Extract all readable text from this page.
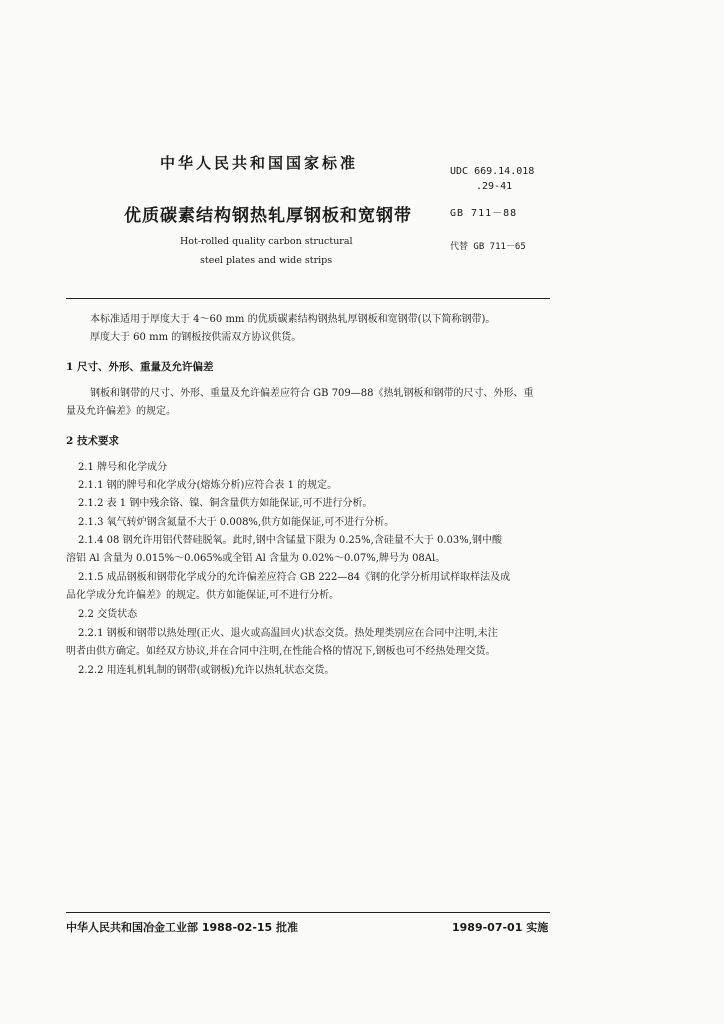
中华人民共和国国家标准	UDC 669.14.018
.29-41
优质碳素结构钢热轧厚钢板和宽钢带	GB 711－88
Hot-rolled quality carbon structural	代替 GB 711－65
steel plates and wide strips
本标准适用于厚度大于 4～60 mm 的优质碳素结构钢热轧厚钢板和宽钢带(以下简称钢带)。
厚度大于 60 mm 的钢板按供需双方协议供货。
1 尺寸、外形、重量及允许偏差
钢板和钢带的尺寸、外形、重量及允许偏差应符合 GB 709—88《热轧钢板和钢带的尺寸、外形、重
量及允许偏差》的规定。
2 技术要求
2.1 牌号和化学成分
2.1.1 钢的牌号和化学成分(熔炼分析)应符合表 1 的规定。
2.1.2 表 1 钢中残余铬、镍、铜含量供方如能保证,可不进行分析。
2.1.3 氧气转炉钢含氮量不大于 0.008%,供方如能保证,可不进行分析。
2.1.4 08 钢允许用铝代替硅脱氧。此时,钢中含锰量下限为 0.25%,含硅量不大于 0.03%,钢中酸
溶铝 Al 含量为 0.015%～0.065%或全铝 Al 含量为 0.02%～0.07%,牌号为 08Al。
2.1.5 成品钢板和钢带化学成分的允许偏差应符合 GB 222—84《钢的化学分析用试样取样法及成
品化学成分允许偏差》的规定。供方如能保证,可不进行分析。
2.2 交货状态
2.2.1 钢板和钢带以热处理(正火、退火或高温回火)状态交货。热处理类别应在合同中注明,未注
明者由供方确定。如经双方协议,并在合同中注明,在性能合格的情况下,钢板也可不经热处理交货。
2.2.2 用连轧机轧制的钢带(或钢板)允许以热轧状态交货。
中华人民共和国冶金工业部 1988-02-15 批准	1989-07-01 实施
